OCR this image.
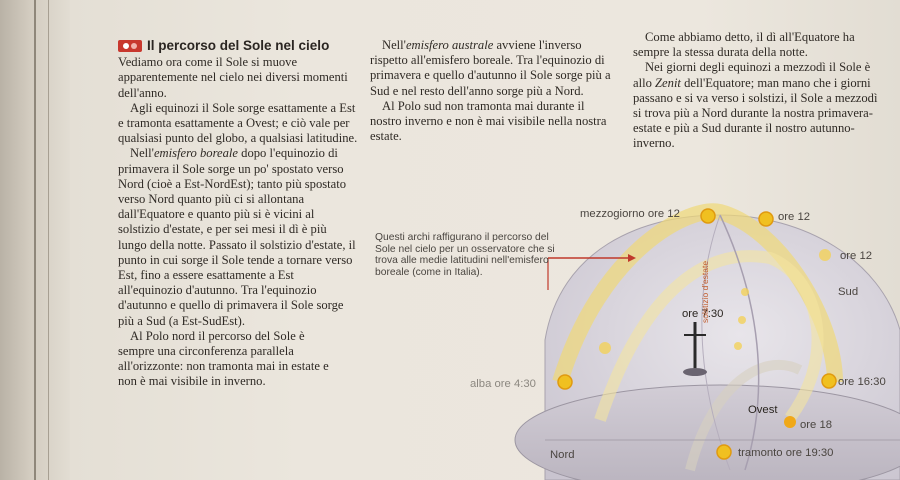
Il percorso del Sole nel cielo

Vediamo ora come il Sole si muove apparentemente nel cielo nei diversi momenti dell'anno.

Agli equinozi il Sole sorge esattamente a Est e tramonta esattamente a Ovest; e ciò vale per qualsiasi punto del globo, a qualsiasi latitudine.

Nell'emisfero boreale dopo l'equinozio di primavera il Sole sorge un po' spostato verso Nord (cioè a Est-NordEst); tanto più spostato verso Nord quanto più ci si allontana dall'Equatore e quanto più si è vicini al solstizio d'estate, e per sei mesi il dì è più lungo della notte. Passato il solstizio d'estate, il punto in cui sorge il Sole tende a tornare verso Est, fino a essere esattamente a Est all'equinozio d'autunno. Tra l'equinozio d'autunno e quello di primavera il Sole sorge più a Sud (a Est-SudEst).

Al Polo nord il percorso del Sole è sempre una circonferenza parallela all'orizzonte: non tramonta mai in estate e non è mai visibile in inverno.

Nell'emisfero australe avviene l'inverso rispetto all'emisfero boreale. Tra l'equinozio di primavera e quello d'autunno il Sole sorge più a Sud e nel resto dell'anno sorge più a Nord.

Al Polo sud non tramonta mai durante il nostro inverno e non è mai visibile nella nostra estate.

Come abbiamo detto, il dì all'Equatore ha sempre la stessa durata della notte.

Nei giorni degli equinozi a mezzodì il Sole è allo Zenit dell'Equatore; man mano che i giorni passano e si va verso i solstizi, il Sole a mezzodì si trova più a Nord durante la nostra primavera-estate e più a Sud durante il nostro autunno-inverno.

Questi archi raffigurano il percorso del Sole nel cielo per un osservatore che si trova alle medie latitudini nell'emisfero boreale (come in Italia).
mezzogiorno ore 12	ore 12
ore 12
Sud
ore 7:30
alba ore 4:30	ore 16:30
Ovest
ore 18
Nord	tramonto ore 19:30
solstizio d'estate
